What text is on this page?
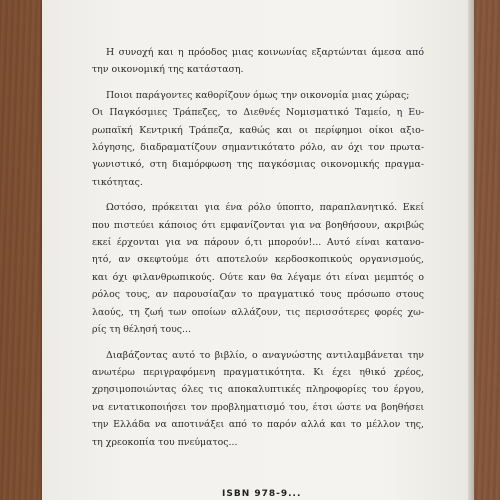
Η συνοχή και η πρόοδος μιας κοινωνίας εξαρτώνται άμεσα από
την οικονομική της κατάσταση.

Ποιοι παράγοντες καθορίζουν όμως την οικονομία μιας χώρας;
Οι Παγκόσμιες Τράπεζες, το Διεθνές Νομισματικό Ταμείο, η Ευ-
ρωπαϊκή Κεντρική Τράπεζα, καθώς και οι περίφημοι οίκοι αξιο-
λόγησης, διαδραματίζουν σημαντικότατο ρόλο, αν όχι τον πρωτα-
γωνιστικό, στη διαμόρφωση της παγκόσμιας οικονομικής πραγμα-
τικότητας.

Ωστόσο, πρόκειται για ένα ρόλο ύποπτο, παραπλανητικό. Εκεί
που πιστεύει κάποιος ότι εμφανίζονται για να βοηθήσουν, ακριβώς
εκεί έρχονται για να πάρουν ό,τι μπορούν!... Αυτό είναι κατανο-
ητό, αν σκεφτούμε ότι αποτελούν κερδοσκοπικούς οργανισμούς,
και όχι φιλανθρωπικούς. Ούτε καν θα λέγαμε ότι είναι μεμπτός ο
ρόλος τους, αν παρουσίαζαν το πραγματικό τους πρόσωπο στους
λαούς, τη ζωή των οποίων αλλάζουν, τις περισσότερες φορές χω-
ρίς τη θέλησή τους...

Διαβάζοντας αυτό το βιβλίο, ο αναγνώστης αντιλαμβάνεται την
ανωτέρω περιγραφόμενη πραγματικότητα. Κι έχει ηθικό χρέος,
χρησιμοποιώντας όλες τις αποκαλυπτικές πληροφορίες του έργου,
να εντατικοποιήσει τον προβληματισμό του, έτσι ώστε να βοηθήσει
την Ελλάδα να αποτινάξει από το παρόν αλλά και το μέλλον της,
τη χρεοκοπία του πνεύματος...

ISBN 978-9...
